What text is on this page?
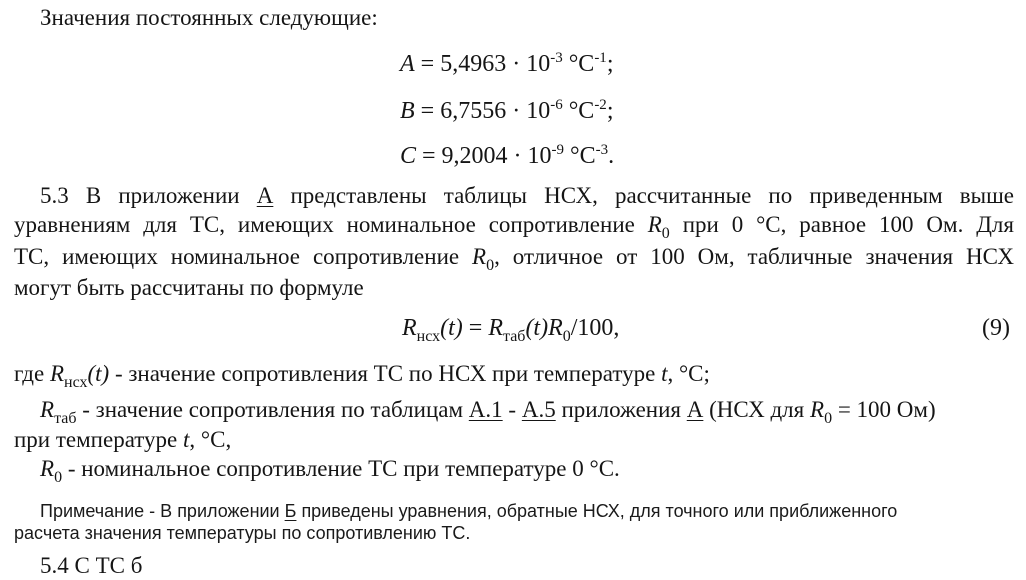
Значения постоянных следующие:
$A = 5,4963 \cdot 10^{-3}$ $^\circ C^{-1}$;
$B = 6,7556 \cdot 10^{-6}$ $^\circ C^{-2}$;
$C = 9,2004 \cdot 10^{-9}$ $^\circ C^{-3}$.
5.3 В приложении А представлены таблицы НСХ, рассчитанные по приведенным выше
уравнениям для ТС, имеющих номинальное сопротивление $R_0$ при 0 °C, равное 100 Ом. Для
ТС, имеющих номинальное сопротивление $R_0$, отличное от 100 Ом, табличные значения НСХ
могут быть рассчитаны по формуле
$R_{нсх}(t) = R_{таб}(t)R_0/100$,	(9)
где $R_{нсх}(t)$ - значение сопротивления ТС по НСХ при температуре t, °C;
$R_{таб}$ - значение сопротивления по таблицам А.1 - А.5 приложения А (НСХ для $R_0 = 100$ Ом)
при температуре t, °C,
$R_0$ - номинальное сопротивление ТС при температуре 0 °C.
Примечание - В приложении Б приведены уравнения, обратные НСХ, для точного или приближенного
расчета значения температуры по сопротивлению ТС.
5.4 С ТС б
